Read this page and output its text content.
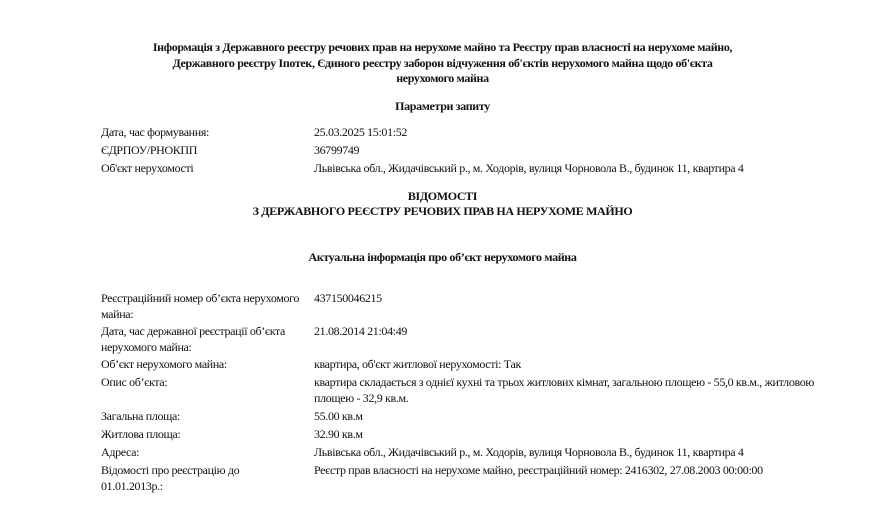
Інформація з Державного реєстру речових прав на нерухоме майно та Реєстру прав власності на нерухоме майно,
Державного реєстру Іпотек, Єдиного реєстру заборон відчуження об'єктів нерухомого майна щодо об'єкта
нерухомого майна
Параметри запиту
Дата, час формування:	25.03.2025 15:01:52
ЄДРПОУ/РНОКПП	36799749
Об'єкт нерухомості	Львівська обл., Жидачівський р., м. Ходорів, вулиця Чорновола В., будинок 11, квартира 4
ВІДОМОСТІ
З ДЕРЖАВНОГО РЕЄСТРУ РЕЧОВИХ ПРАВ НА НЕРУХОМЕ МАЙНО
Актуальна інформація про об’єкт нерухомого майна
Реєстраційний номер об’єкта нерухомого майна:	437150046215

Дата, час державної реєстрації об’єкта нерухомого майна:	21.08.2014 21:04:49
Об’єкт нерухомого майна:	квартира, об'єкт житлової нерухомості: Так
Опис об’єкта:	квартира складається з однієї кухні та трьох житлових кімнат, загальною площею - 55,0 кв.м., житловою площею - 32,9 кв.м.
Загальна площа:	55.00 кв.м
Житлова площа:	32.90 кв.м
Адреса:	Львівська обл., Жидачівський р., м. Ходорів, вулиця Чорновола В., будинок 11, квартира 4

Відомості про реєстрацію до 01.01.2013р.:	Реєстр прав власності на нерухоме майно, реєстраційний номер: 2416302, 27.08.2003 00:00:00
